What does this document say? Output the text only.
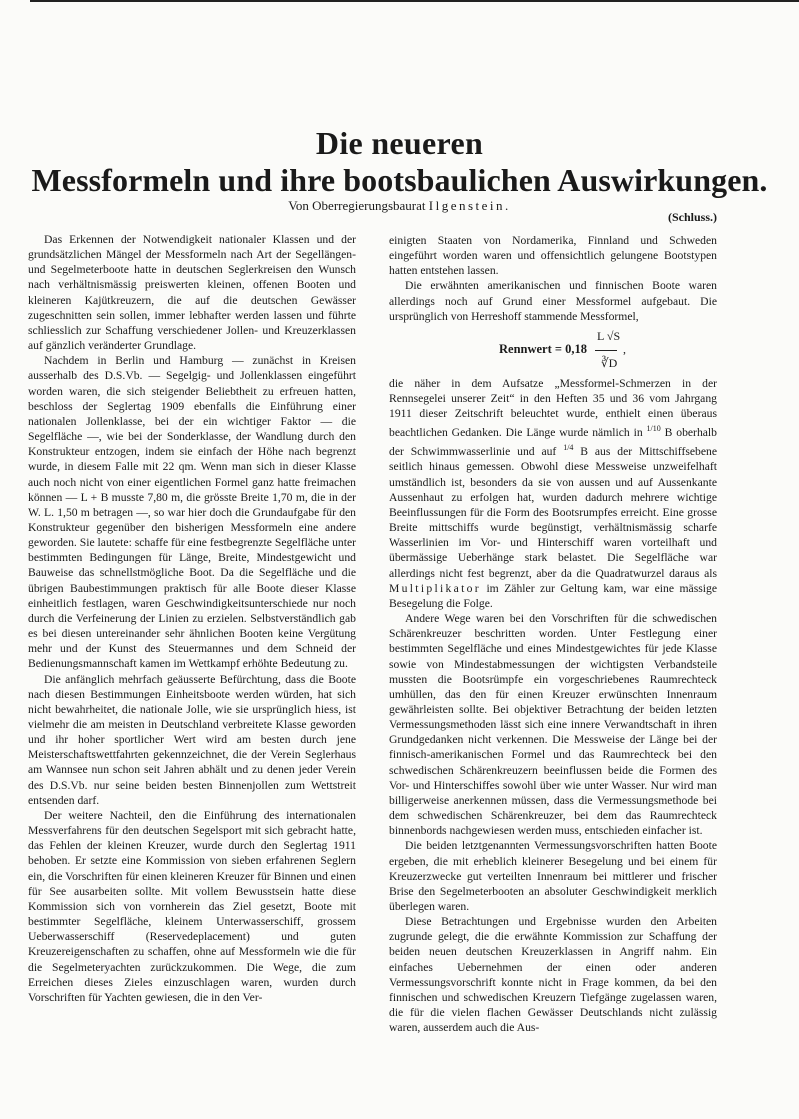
Die neueren
Messformeln und ihre bootsbaulichen Auswirkungen.
Von Oberregierungsbaurat Ilgenstein.
(Schluss.)

Das Erkennen der Notwendigkeit nationaler Klassen und der grundsätzlichen Mängel der Messformeln nach Art der Segellängen- und Segelmeterboote hatte in deutschen Seglerkreisen den Wunsch nach verhältnismässig preiswerten kleinen, offenen Booten und kleineren Kajütkreuzern, die auf die deutschen Gewässer zugeschnitten sein sollen, immer lebhafter werden lassen und führte schliesslich zur Schaffung verschiedener Jollen- und Kreuzerklassen auf gänzlich veränderter Grundlage.

Nachdem in Berlin und Hamburg — zunächst in Kreisen ausserhalb des D.S.Vb. — Segelgig- und Jollenklassen eingeführt worden waren, die sich steigender Beliebtheit zu erfreuen hatten, beschloss der Seglertag 1909 ebenfalls die Einführung einer nationalen Jollenklasse, bei der ein wichtiger Faktor — die Segelfläche —, wie bei der Sonderklasse, der Wandlung durch den Konstrukteur entzogen, indem sie einfach der Höhe nach begrenzt wurde, in diesem Falle mit 22 qm. Wenn man sich in dieser Klasse auch noch nicht von einer eigentlichen Formel ganz hatte freimachen können — L + B musste 7,80 m, die grösste Breite 1,70 m, die in der W. L. 1,50 m betragen —, so war hier doch die Grundaufgabe für den Konstrukteur gegenüber den bisherigen Messformeln eine andere geworden. Sie lautete: schaffe für eine festbegrenzte Segelfläche unter bestimmten Bedingungen für Länge, Breite, Mindestgewicht und Bauweise das schnellstmögliche Boot. Da die Segelfläche und die übrigen Baubestimmungen praktisch für alle Boote dieser Klasse einheitlich festlagen, waren Geschwindigkeitsunterschiede nur noch durch die Verfeinerung der Linien zu erzielen. Selbstverständlich gab es bei diesen untereinander sehr ähnlichen Booten keine Vergütung mehr und der Kunst des Steuermannes und dem Schneid der Bedienungsmannschaft kamen im Wettkampf erhöhte Bedeutung zu.

Die anfänglich mehrfach geäusserte Befürchtung, dass die Boote nach diesen Bestimmungen Einheitsboote werden würden, hat sich nicht bewahrheitet, die nationale Jolle, wie sie ursprünglich hiess, ist vielmehr die am meisten in Deutschland verbreitete Klasse geworden und ihr hoher sportlicher Wert wird am besten durch jene Meisterschaftswettfahrten gekennzeichnet, die der Verein Seglerhaus am Wannsee nun schon seit Jahren abhält und zu denen jeder Verein des D.S.Vb. nur seine beiden besten Binnenjollen zum Wettstreit entsenden darf.

Der weitere Nachteil, den die Einführung des internationalen Messverfahrens für den deutschen Segelsport mit sich gebracht hatte, das Fehlen der kleinen Kreuzer, wurde durch den Seglertag 1911 behoben. Er setzte eine Kommission von sieben erfahrenen Seglern ein, die Vorschriften für einen kleineren Kreuzer für Binnen und einen für See ausarbeiten sollte. Mit vollem Bewusstsein hatte diese Kommission sich von vornherein das Ziel gesetzt, Boote mit bestimmter Segelfläche, kleinem Unterwasserschiff, grossem Ueberwasserschiff (Reservedeplacement) und guten Kreuzereigenschaften zu schaffen, ohne auf Messformeln wie die für die Segelmeteryachten zurückzukommen. Die Wege, die zum Erreichen dieses Zieles einzuschlagen waren, wurden durch Vorschriften für Yachten gewiesen, die in den Ver-

einigten Staaten von Nordamerika, Finnland und Schweden eingeführt worden waren und offensichtlich gelungene Bootstypen hatten entstehen lassen.

Die erwähnten amerikanischen und finnischen Boote waren allerdings noch auf Grund einer Messformel aufgebaut. Die ursprünglich von Herreshoff stammende Messformel,

Rennwert = 0,18
L √S
∛D
,

die näher in dem Aufsatze „Messformel-Schmerzen in der Rennsegelei unserer Zeit“ in den Heften 35 und 36 vom Jahrgang 1911 dieser Zeitschrift beleuchtet wurde, enthielt einen überaus beachtlichen Gedanken. Die Länge wurde nämlich in $^{1/10}$ B oberhalb der Schwimmwasserlinie und auf $^{1/4}$ B aus der Mittschiffsebene seitlich hinaus gemessen. Obwohl diese Messweise unzweifelhaft umständlich ist, besonders da sie von aussen und auf Aussenkante Aussenhaut zu erfolgen hat, wurden dadurch mehrere wichtige Beeinflussungen für die Form des Bootsrumpfes erreicht. Eine grosse Breite mittschiffs wurde begünstigt, verhältnismässig scharfe Wasserlinien im Vor- und Hinterschiff waren vorteilhaft und übermässige Ueberhänge stark belastet. Die Segelfläche war allerdings nicht fest begrenzt, aber da die Quadratwurzel daraus als Multiplikator im Zähler zur Geltung kam, war eine mässige Besegelung die Folge.

Andere Wege waren bei den Vorschriften für die schwedischen Schärenkreuzer beschritten worden. Unter Festlegung einer bestimmten Segelfläche und eines Mindestgewichtes für jede Klasse sowie von Mindestabmessungen der wichtigsten Verbandsteile mussten die Bootsrümpfe ein vorgeschriebenes Raumrechteck umhüllen, das den für einen Kreuzer erwünschten Innenraum gewährleisten sollte. Bei objektiver Betrachtung der beiden letzten Vermessungsmethoden lässt sich eine innere Verwandtschaft in ihren Grundgedanken nicht verkennen. Die Messweise der Länge bei der finnisch-amerikanischen Formel und das Raumrechteck bei den schwedischen Schärenkreuzern beeinflussen beide die Formen des Vor- und Hinterschiffes sowohl über wie unter Wasser. Nur wird man billigerweise anerkennen müssen, dass die Vermessungsmethode bei dem schwedischen Schärenkreuzer, bei dem das Raumrechteck binnenbords nachgewiesen werden muss, entschieden einfacher ist.

Die beiden letztgenannten Vermessungsvorschriften hatten Boote ergeben, die mit erheblich kleinerer Besegelung und bei einem für Kreuzerzwecke gut verteilten Innenraum bei mittlerer und frischer Brise den Segelmeterbooten an absoluter Geschwindigkeit merklich überlegen waren.

Diese Betrachtungen und Ergebnisse wurden den Arbeiten zugrunde gelegt, die die erwähnte Kommission zur Schaffung der beiden neuen deutschen Kreuzerklassen in Angriff nahm. Ein einfaches Uebernehmen der einen oder anderen Vermessungsvorschrift konnte nicht in Frage kommen, da bei den finnischen und schwedischen Kreuzern Tiefgänge zugelassen waren, die für die vielen flachen Gewässer Deutschlands nicht zulässig waren, ausserdem auch die Aus-
